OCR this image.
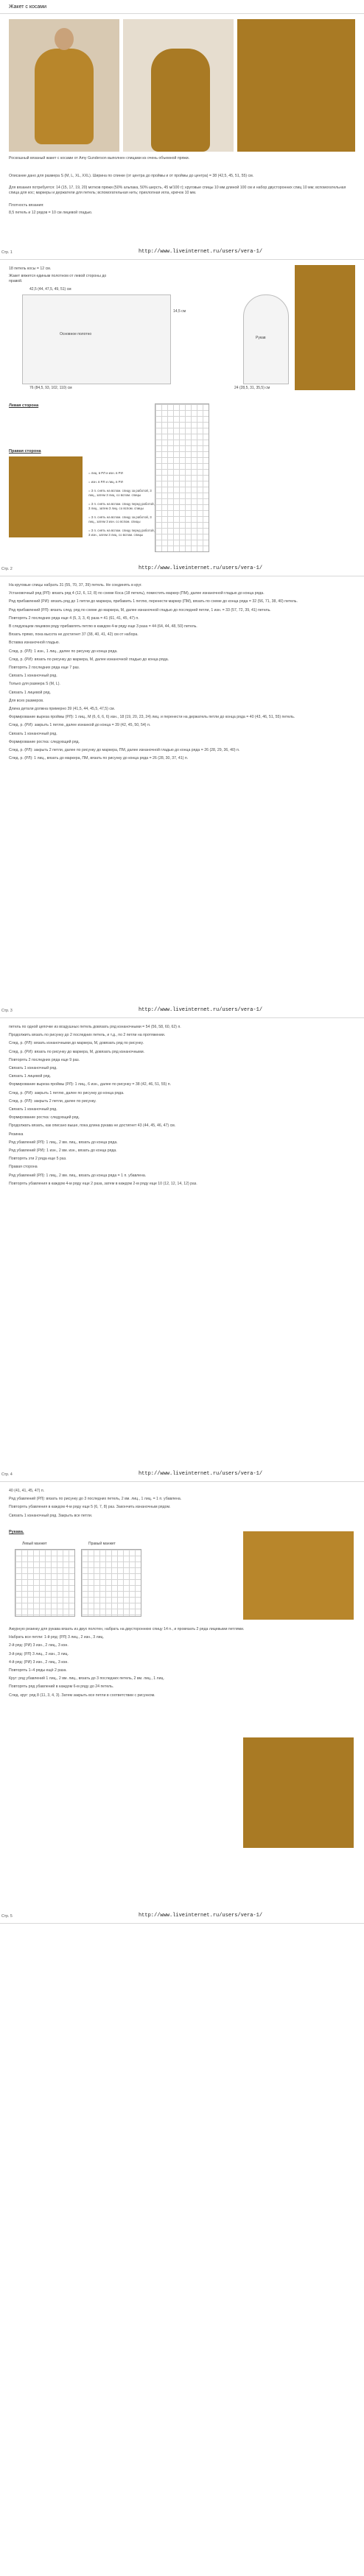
Жакет с косами
Роскошный вязаный жакет с косами от Amy Gunderson выполнен спицами из очень объемной пряжи.
Описание дано для размера S (M, L, XL, XXL). Ширина по спинке (от центра до проймы и от проймы до центра) = 38 (42,5, 45, 51, 55) см.
Для вязания потребуется: 14 (15, 17, 19, 20) мотков пряжи (50% альпака, 50% шерсть, 45 м/100 г); круговые спицы 10 мм длиной 100 см и набор двусторонних спиц 10 мм; вспомогательная спица для кос; маркеры и держатели для петель; вспомогательная нить; прихлопная игла, крючок 10 мм.
Плотность вязания:
8,5 петель и 12 рядов = 10 см лицевой гладью.
Стр. 1	http://www.liveinternet.ru/users/vera-1/
18 петель косы = 12 см.
Жакет вяжется единым полотном от левой стороны до правой.
42,5 (44, 47,5, 49, 51) см
Основное полотно
14,5 см
76 (84,5, 93, 102, 110) см
Рукав
24 (28,5, 31, 35,5) см
Левая сторона
Правая сторона
= лиц. в РЛ и изн. в РИ
= изн. в РЛ и лиц. в РИ
= 3 п. снять на вспом. спицу за работой, 3 лиц., затем 3 лиц. со вспом. спицы
= 3 п. снять на вспом. спицу перед работой, 3 лиц., затем 3 лиц. со вспом. спицы
= 3 п. снять на вспом. спицу за работой, 3 лиц., затем 3 изн. со вспом. спицы
= 3 п. снять на вспом. спицу перед работой, 3 изн., затем 3 лиц. со вспом. спицы
Стр. 2	http://www.liveinternet.ru/users/vera-1/
На круговые спицы набрать 31 (55, 70, 37, 39) петель. Не соединять в круг.
Установочный ряд (РЛ): вязать ряд 4 (12, 6, 12, 8) по схеме Коса (18 петель), поместить маркер (ПМ), далее изнаночной гладью до конца ряда.
Ряд прибавлений (РИ): вязать ряд до 1 петли до маркера, прибавить 1 петлю, перенести маркер (ПМ), вязать по схеме до конца ряда = 32 (56, 71, 38, 40) петель.
Ряд прибавлений (РЛ): вязать след. ряд по схеме до маркера, М, далее изнаночной гладью до последней петли, 1 изн. = 33 (57, 72, 39, 41) петель.
Повторять 2 последних ряда еще 4 (5, 3, 3, 4) раза = 41 (61, 41, 45, 47) п.
В следующем лицевом ряду прибавлять петлю в каждом 4-м ряду еще 3 раза = 44 (64, 44, 48, 50) петель.
Вязать прямо, пока высота не достигнет 37 (38, 40, 41, 42) см от набора.
Вставка изнаночной гладью.
След. р. (РЛ): 1 изн., 1 лиц., далее по рисунку до конца ряда.
След. р. (РИ): вязать по рисунку до маркера, М, далее изнаночной гладью до конца ряда.
Повторять 2 последних ряда еще 7 раз.
Связать 1 изнаночный ряд.
Только для размера S (M, L).
Связать 1 лицевой ряд.
Для всех размеров.
Длина детали должна примерно 39 (41,5, 44, 45,5, 47,5) см.
Формирование выреза проймы (РЛ): 1 лиц., М (6, 6, 6, 6) изн., 18 (19, 20, 23, 24) лиц. и перенести на держатель петли до конца ряда = 40 (43, 46, 51, 55) петель.
След. р. (РИ): закрыть 1 петлю, далее изнанкой до конца = 39 (42, 45, 50, 54) п.
Связать 1 изнаночный ряд.
Формирование ростка: следующий ряд.
След. р. (РЛ): закрыть 2 петли, далее по рисунку до маркера, ПМ, далее изнаночной гладью до конца ряда = 26 (28, 29, 36, 40) п.
След. р. (РЛ): 1 лиц., вязать до маркера, ПМ, вязать по рисунку до конца ряда = 26 (28, 30, 37, 41) п.
Стр. 3	http://www.liveinternet.ru/users/vera-1/
петель по одной цепочке из воздушных петель довязать ряд изнаночными = 54 (56, 58, 60, 62) п.
Продолжить вязать по рисунку до 2 последних петель, и т.д., по 2 петли на протяжении.
След. р. (РЛ): вязать изнаночными до маркера, М, довязать ряд по рисунку.
След. р. (РИ): вязать по рисунку до маркера, М, довязать ряд изнаночными.
Повторять 2 последних ряда еще 9 раз.
Связать 1 изнаночный ряд.
Связать 1 лицевой ряд.
Формирование выреза проймы (РЛ): 1 лиц., 6 изн., далее по рисунку = 38 (42, 46, 51, 55) п.
След. р. (РИ): закрыть 1 петлю, далее по рисунку до конца ряда.
След. р. (РЛ): закрыть 2 петли, далее по рисунку.
Связать 1 изнаночный ряд.
Формирование ростка: следующий ряд.
Продолжать вязать, как описано выше, пока длина рукава не достигнет 43 (44, 45, 46, 47) см.
Резинка
Ряд убавлений (РЛ): 1 лиц., 2 вм. лиц., вязать до конца ряда.
Ряд убавлений (РИ): 1 изн., 2 вм. изн., вязать до конца ряда.
Повторять эти 2 ряда еще 5 раз.
Правая сторона
Ряд убавлений (РЛ): 1 лиц., 2 вм. лиц., вязать до конца ряда = 1 п. убавлена.
Повторять убавления в каждом 4-м ряду еще 2 раза, затем в каждом 2-м ряду еще 10 (12, 12, 14, 12) раз.
Стр. 4	http://www.liveinternet.ru/users/vera-1/
40 (41, 41, 45, 47) п.
Ряд убавлений (РЛ): вязать по рисунку до 3 последних петель, 2 вм. лиц., 1 лиц. = 1 п. убавлена.
Повторять убавления в каждом 4-м ряду еще 5 (6, 7, 8) раз. Закончить изнаночным рядом.
Связать 1 изнаночный ряд. Закрыть все петли.
Рукава.
Левый манжет	Правый манжет
Ажурную резинку для рукава вязать из двух полотен, набрать на двустороннюю спицу 14 п., и провязать 2 ряда лицевыми петлями.
Набрать все петли: 1-й ряд: (РЛ) 3 лиц., 2 изн., 3 лиц.
2-й ряд: (РИ) 3 изн., 2 лиц., 3 изн.
3-й ряд: (РЛ) 3 лиц., 2 изн., 3 лиц.
4-й ряд: (РИ) 3 изн., 2 лиц., 3 изн.
Повторять 1–4 ряды ещё 2 раза.
Круг: ряд убавлений 1 лиц., 2 вм. лиц., вязать до 3 последних петель, 2 вм. лиц., 1 лиц.
Повторять ряд убавлений в каждом 6-м ряду до 24 петель.
След. круг: ряд 8 (11, 3, 4, 3). Затем закрыть все петли в соответствии с рисунком.
Стр. 5	http://www.liveinternet.ru/users/vera-1/
